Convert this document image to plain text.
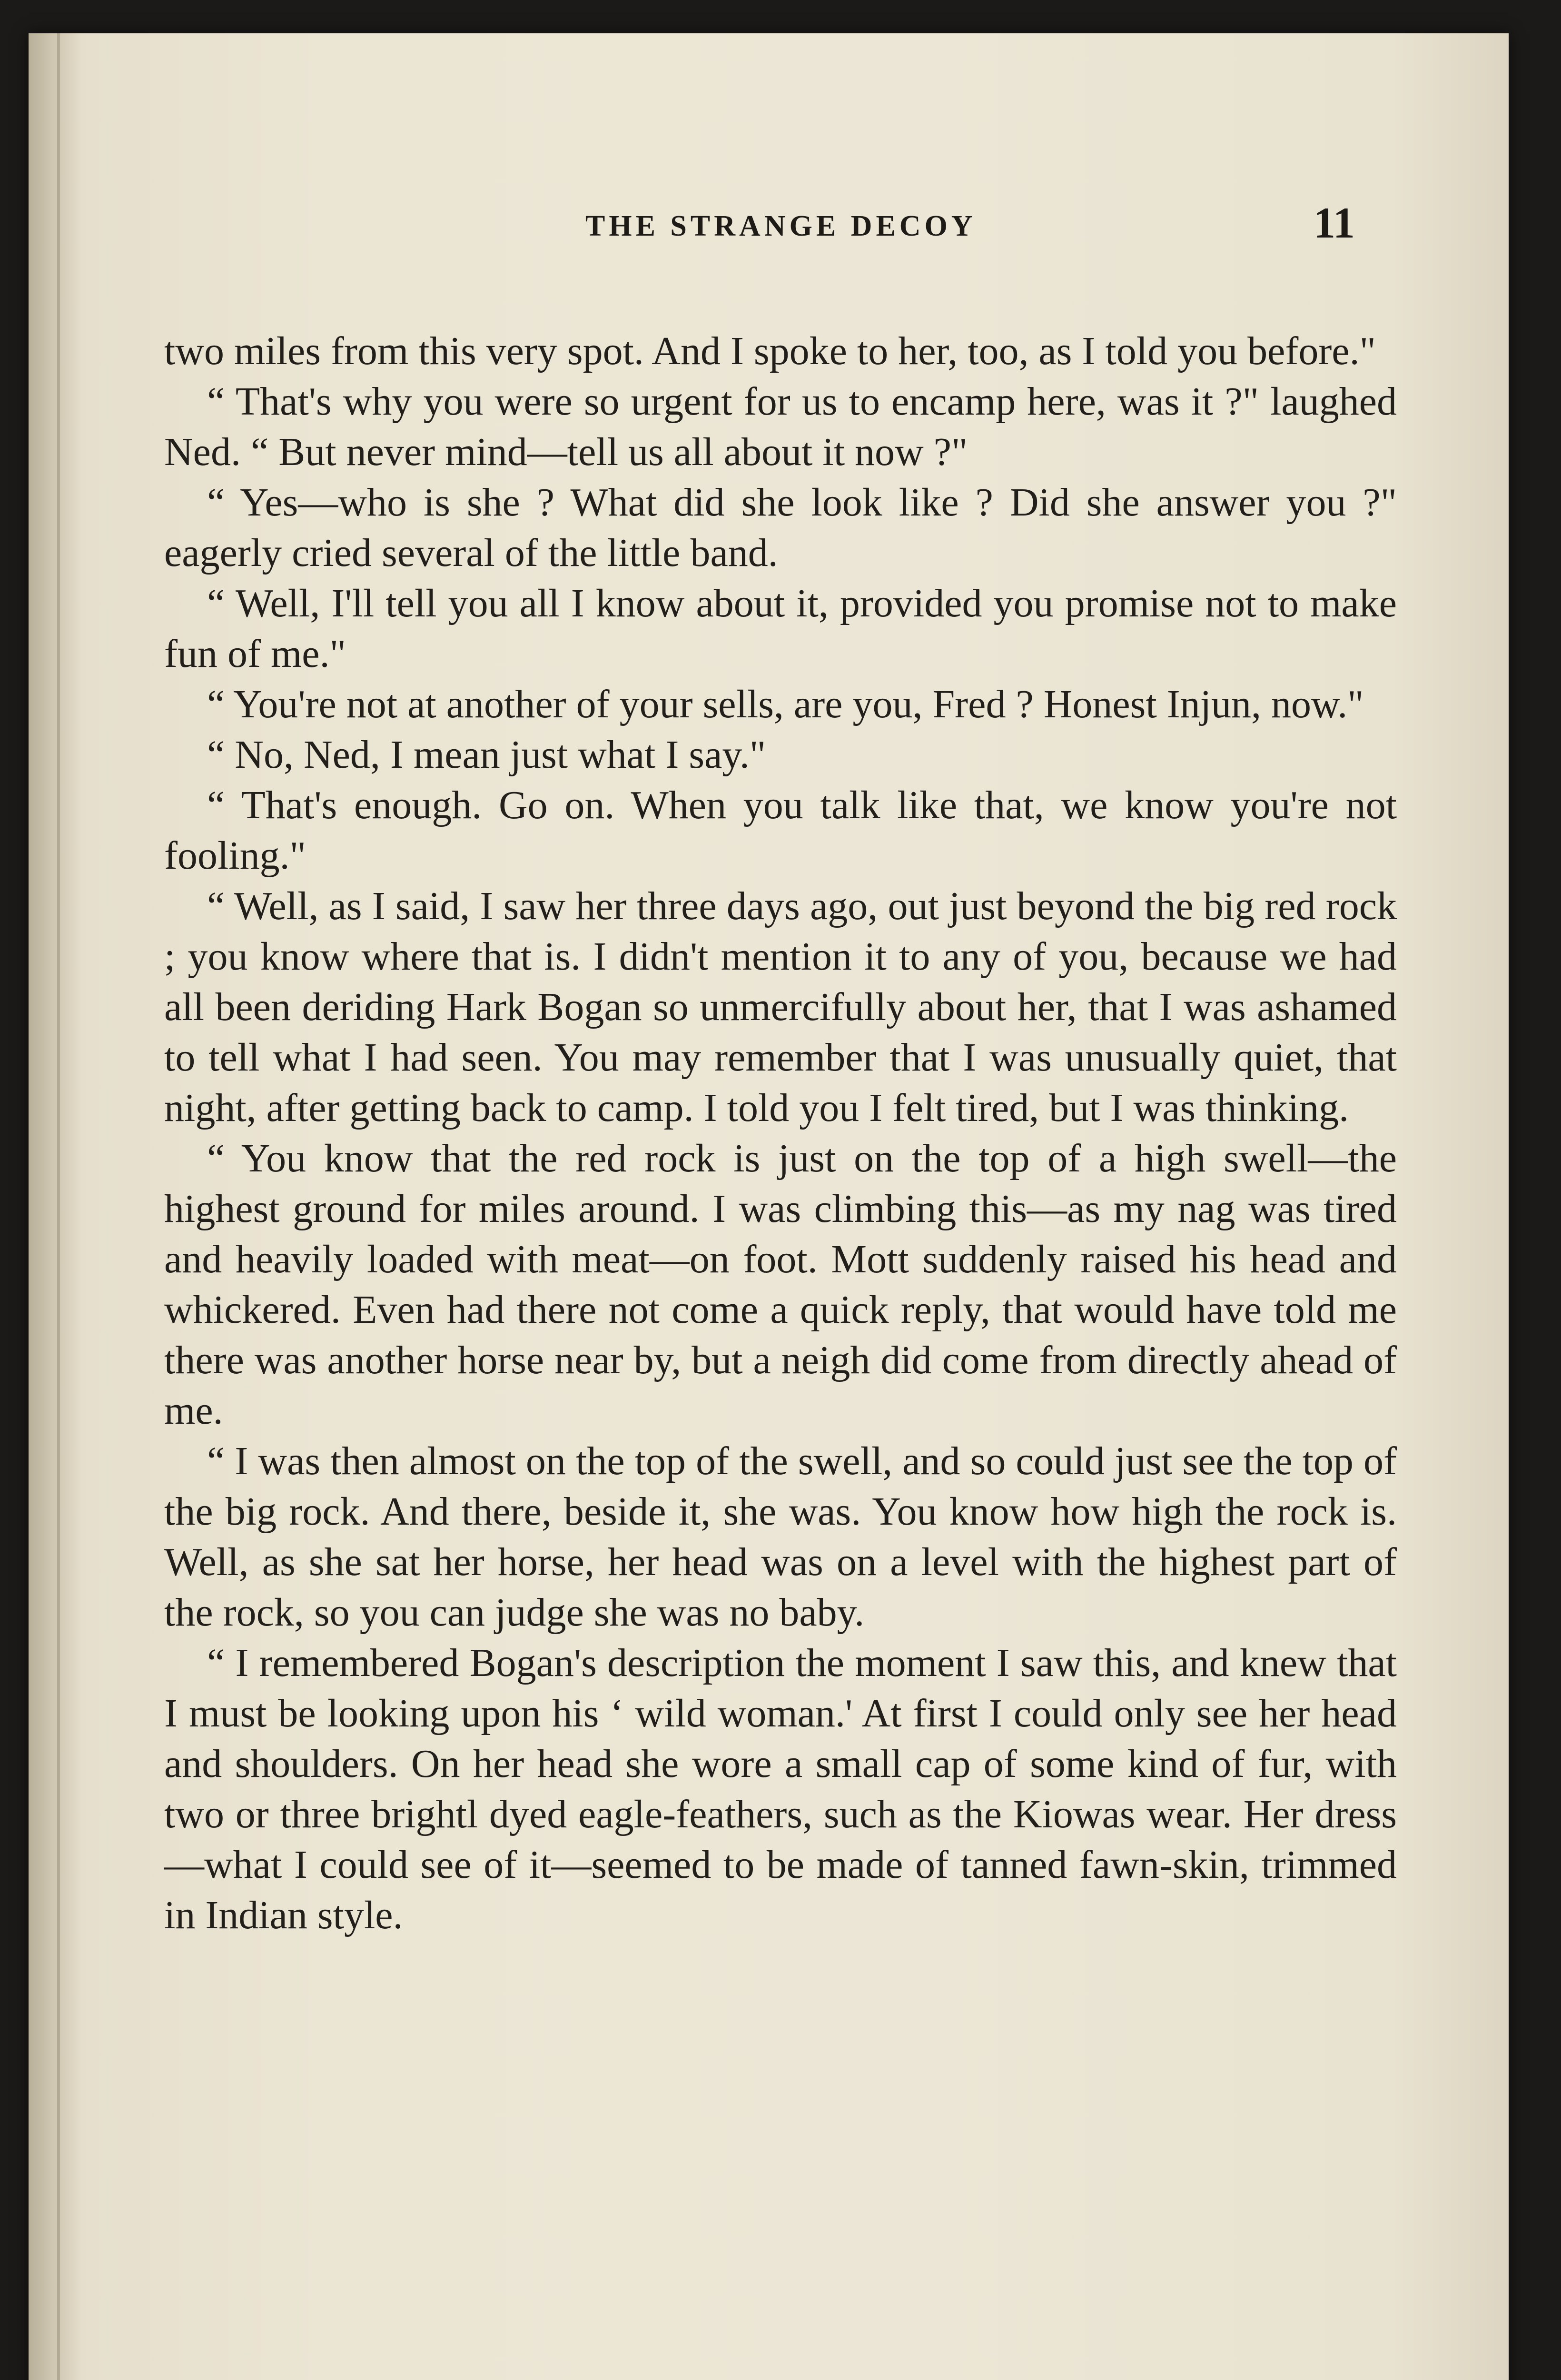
THE STRANGE DECOY	11

two miles from this very spot. And I spoke to her, too, as I told you before."

“ That's why you were so urgent for us to encamp here, was it ?" laughed Ned. “ But never mind—tell us all about it now ?"

“ Yes—who is she ? What did she look like ? Did she answer you ?" eagerly cried several of the little band.

“ Well, I'll tell you all I know about it, provided you promise not to make fun of me."

“ You're not at another of your sells, are you, Fred ? Honest Injun, now."

“ No, Ned, I mean just what I say."

“ That's enough. Go on. When you talk like that, we know you're not fooling."

“ Well, as I said, I saw her three days ago, out just beyond the big red rock ; you know where that is. I didn't mention it to any of you, because we had all been deriding Hark Bogan so unmercifully about her, that I was ashamed to tell what I had seen. You may remember that I was unusually quiet, that night, after getting back to camp. I told you I felt tired, but I was thinking.

“ You know that the red rock is just on the top of a high swell—the highest ground for miles around. I was climbing this—as my nag was tired and heavily loaded with meat—on foot. Mott suddenly raised his head and whickered. Even had there not come a quick reply, that would have told me there was another horse near by, but a neigh did come from directly ahead of me.

“ I was then almost on the top of the swell, and so could just see the top of the big rock. And there, beside it, she was. You know how high the rock is. Well, as she sat her horse, her head was on a level with the highest part of the rock, so you can judge she was no baby.

“ I remembered Bogan's description the moment I saw this, and knew that I must be looking upon his ‘ wild woman.' At first I could only see her head and shoulders. On her head she wore a small cap of some kind of fur, with two or three brightl dyed eagle-feathers, such as the Kiowas wear. Her dress—what I could see of it—seemed to be made of tanned fawn-skin, trimmed in Indian style.
